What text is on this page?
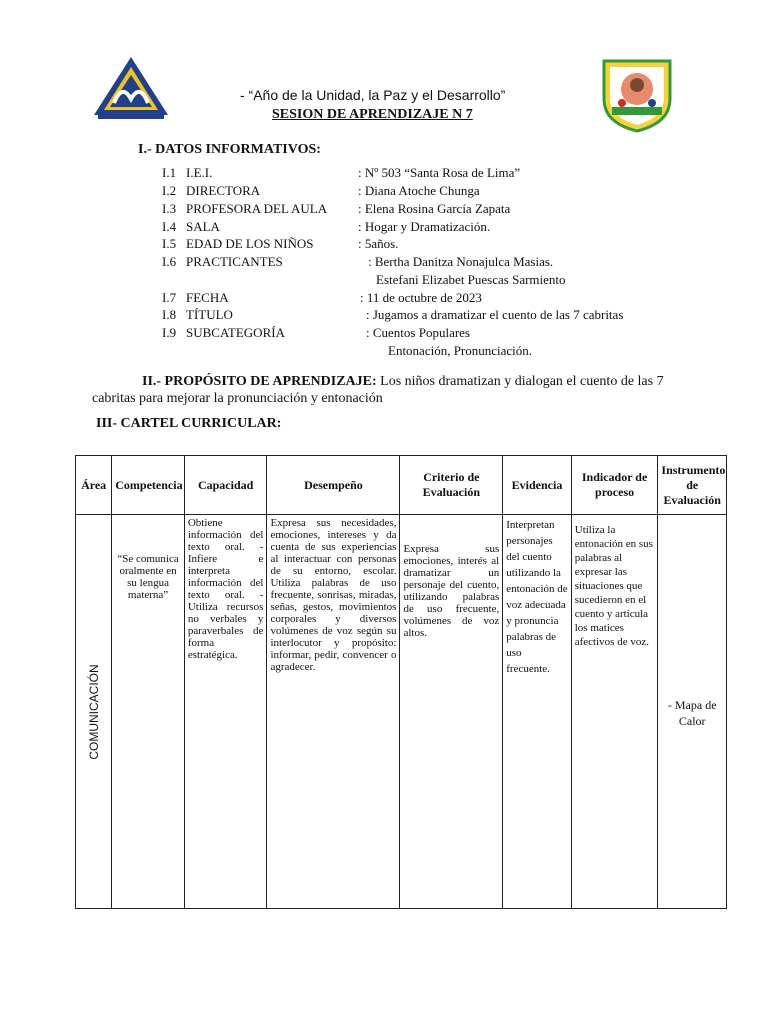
- “Año de la Unidad, la Paz y el Desarrollo”
SESION DE APRENDIZAJE N 7
I.- DATOS INFORMATIVOS:
I.1 I.E.I.	: Nº 503 “Santa Rosa de Lima”
I.2 DIRECTORA	: Diana Atoche Chunga
I.3 PROFESORA DEL AULA : Elena Rosina García Zapata
I.4 SALA	: Hogar y Dramatización.
I.5 EDAD DE LOS NIÑOS	: 5años.
I.6 PRACTICANTES	: Bertha Danitza Nonajulca Masias.
Estefani Elizabet Puescas Sarmiento
I.7 FECHA	: 11 de octubre de 2023
I.8 TÍTULO	: Jugamos a dramatizar el cuento de las 7 cabritas
I.9 SUBCATEGORÍA	: Cuentos Populares
Entonación, Pronunciación.
II.- PROPÓSITO DE APRENDIZAJE: Los niños dramatizan y dialogan el cuento de las 7 cabritas para mejorar la pronunciación y entonación
III- CARTEL CURRICULAR:
Área	Competencia	Capacidad	Desempeño	Criterio de Evaluación	Evidencia	Indicador de proceso	Instrumento de Evaluación

COMUNICACIÓN	“Se comunica oralmente en su lengua materna”	Obtiene información del texto oral. -Infiere e interpreta información del texto oral. -Utiliza recursos no verbales y paraverbales de forma estratégica.	Expresa sus necesidades, emociones, intereses y da cuenta de sus experiencias al interactuar con personas de su entorno, escolar. Utiliza palabras de uso frecuente, sonrisas, miradas, señas, gestos, movimientos corporales y diversos volúmenes de voz según su interlocutor y propósito: informar, pedir, convencer o agradecer.	Expresa sus emociones, interés al dramatizar un personaje del cuento, utilizando palabras de uso frecuente, volúmenes de voz altos.	Interpretan personajes del cuento utilizando la entonación de voz adecuada y pronuncia palabras de uso frecuente.	Utiliza la entonación en sus palabras al expresar las situaciones que sucedieron en el cuento y articula los matices afectivos de voz.	- Mapa de Calor
